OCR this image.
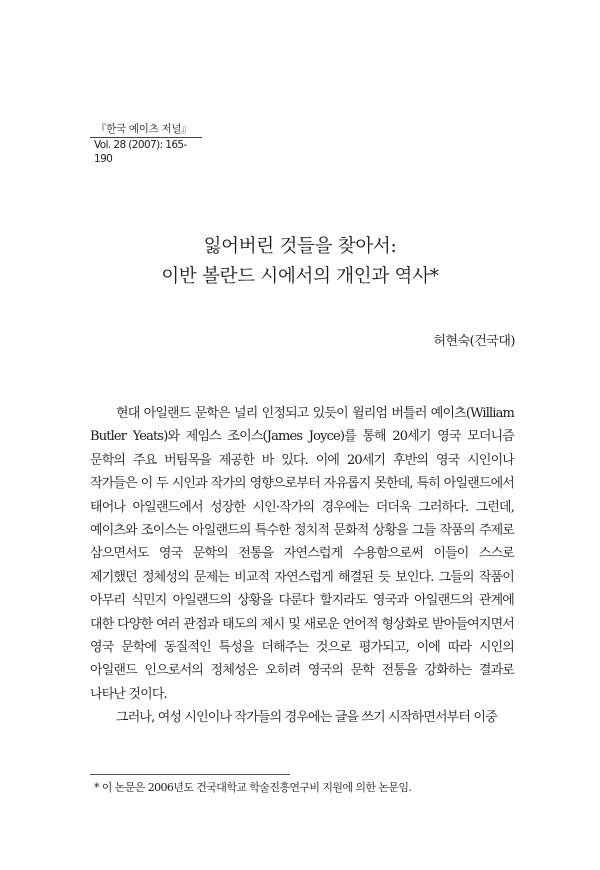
『한국 예이츠 저널』
Vol. 28 (2007): 165-190
잃어버린 것들을 찾아서:
이반 볼란드 시에서의 개인과 역사*
허현숙(건국대)

현대 아일랜드 문학은 널리 인정되고 있듯이 윌리엄 버틀러 예이츠(William Butler Yeats)와 제임스 조이스(James Joyce)를 통해 20세기 영국 모더니즘 문학의 주요 버팀목을 제공한 바 있다. 이에 20세기 후반의 영국 시인이나 작가들은 이 두 시인과 작가의 영향으로부터 자유롭지 못한데, 특히 아일랜드에서 태어나 아일랜드에서 성장한 시인·작가의 경우에는 더더욱 그러하다. 그런데, 예이츠와 조이스는 아일랜드의 특수한 정치적 문화적 상황을 그들 작품의 주제로 삼으면서도 영국 문학의 전통을 자연스럽게 수용함으로써 이들이 스스로 제기했던 정체성의 문제는 비교적 자연스럽게 해결된 듯 보인다. 그들의 작품이 아무리 식민지 아일랜드의 상황을 다룬다 할지라도 영국과 아일랜드의 관계에 대한 다양한 여러 관점과 태도의 제시 및 새로운 언어적 형상화로 받아들여지면서 영국 문학에 동질적인 특성을 더해주는 것으로 평가되고, 이에 따라 시인의 아일랜드 인으로서의 정체성은 오히려 영국의 문학 전통을 강화하는 결과로 나타난 것이다.

그러나, 여성 시인이나 작가들의 경우에는 글을 쓰기 시작하면서부터 이중

* 이 논문은 2006년도 건국대학교 학술진흥연구비 지원에 의한 논문임.
